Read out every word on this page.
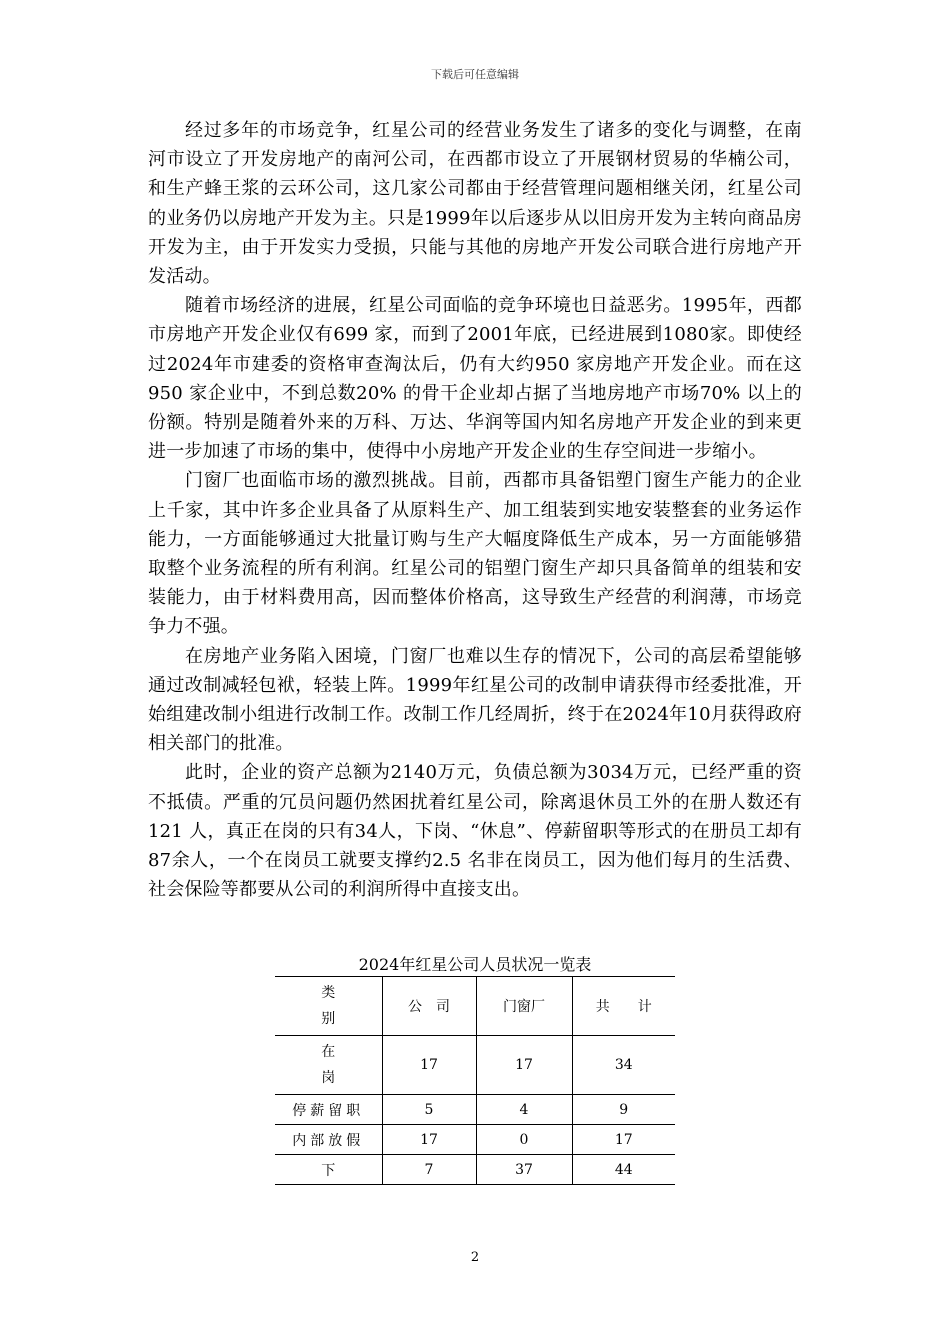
下载后可任意编辑

经过多年的市场竞争，红星公司的经营业务发生了诸多的变化与调整，在南河市设立了开发房地产的南河公司，在西都市设立了开展钢材贸易的华楠公司，和生产蜂王浆的云环公司，这几家公司都由于经营管理问题相继关闭，红星公司的业务仍以房地产开发为主。只是1999年以后逐步从以旧房开发为主转向商品房开发为主，由于开发实力受损，只能与其他的房地产开发公司联合进行房地产开发活动。

随着市场经济的进展，红星公司面临的竞争环境也日益恶劣。1995年，西都市房地产开发企业仅有699 家，而到了2001年底，已经进展到1080家。即使经过2024年市建委的资格审查淘汰后，仍有大约950 家房地产开发企业。而在这950 家企业中，不到总数20% 的骨干企业却占据了当地房地产市场70% 以上的份额。特别是随着外来的万科、万达、华润等国内知名房地产开发企业的到来更进一步加速了市场的集中，使得中小房地产开发企业的生存空间进一步缩小。

门窗厂也面临市场的激烈挑战。目前，西都市具备铝塑门窗生产能力的企业上千家，其中许多企业具备了从原料生产、加工组装到实地安装整套的业务运作能力，一方面能够通过大批量订购与生产大幅度降低生产成本，另一方面能够猎取整个业务流程的所有利润。红星公司的铝塑门窗生产却只具备简单的组装和安装能力，由于材料费用高，因而整体价格高，这导致生产经营的利润薄，市场竞争力不强。

在房地产业务陷入困境，门窗厂也难以生存的情况下，公司的高层希望能够通过改制减轻包袱，轻装上阵。1999年红星公司的改制申请获得市经委批准，开始组建改制小组进行改制工作。改制工作几经周折，终于在2024年10月获得政府相关部门的批准。

此时，企业的资产总额为2140万元，负债总额为3034万元，已经严重的资不抵债。严重的冗员问题仍然困扰着红星公司，除离退休员工外的在册人数还有121 人，真正在岗的只有34人，下岗、“休息”、停薪留职等形式的在册员工却有87余人，一个在岗员工就要支撑约2.5 名非在岗员工，因为他们每月的生活费、社会保险等都要从公司的利润所得中直接支出。

2024年红星公司人员状况一览表
类
别	公　司	门窗厂	共　　计

在
岗	17	17	34
停薪留职	5	4	9
内部放假	17	0	17
下	7	37	44
2
